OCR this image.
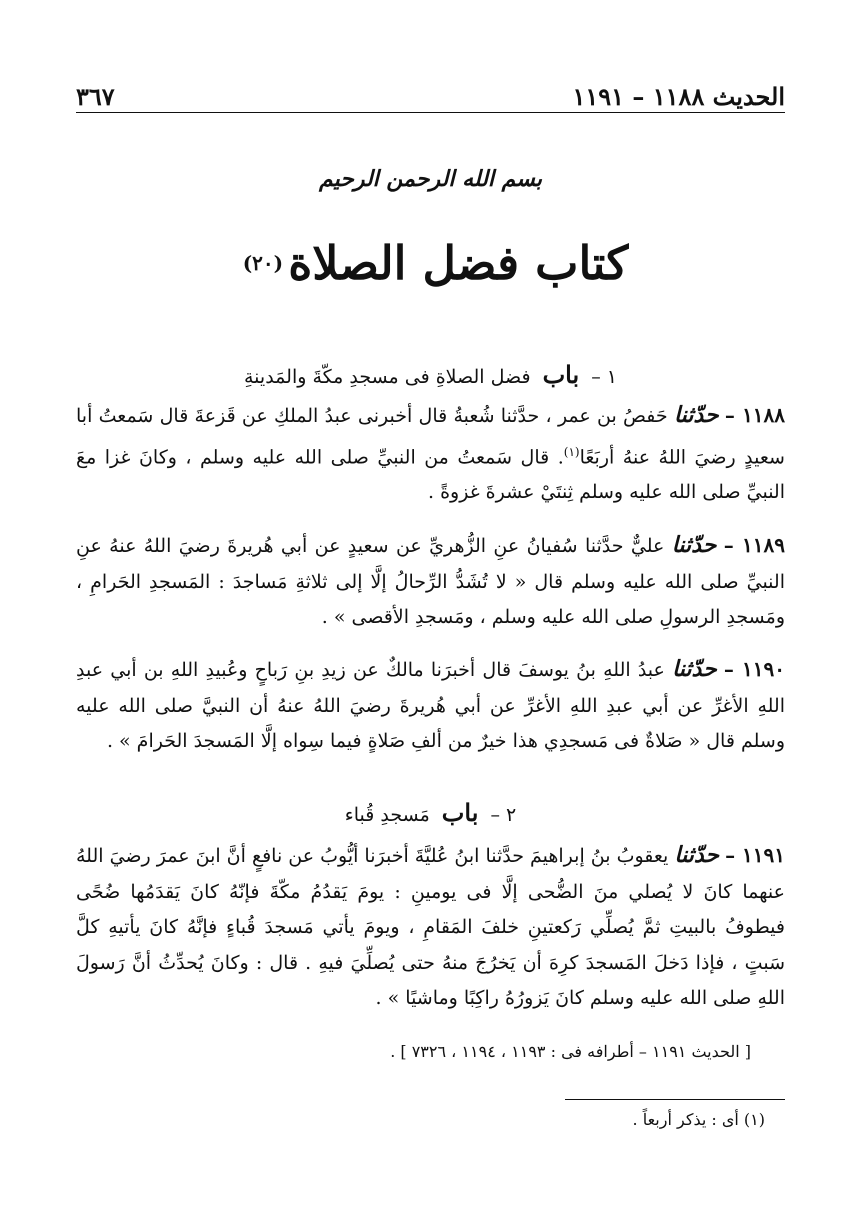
٣٦٧	الحديث ١١٨٨ – ١١٩١
بسم الله الرحمن الرحيم
كتاب فضل الصلاة (٢٠)
١ – باب فضل الصلاةِ فى مسجدِ مكّةَ والمَدينةِ
١١٨٨ – حدّثنا حَفصُ بن عمر ، حدَّثنا شُعبةُ قال أخبرنى عبدُ الملكِ عن قَزعةَ قال سَمعتُ أبا سعيدٍ رضيَ اللهُ عنهُ أربَعًا$^{(١)}$. قال سَمعتُ من النبيِّ صلى الله عليه وسلم ، وكانَ غزا معَ النبيِّ صلى الله عليه وسلم ثِنتَيْ عشرةَ غزوةً .
١١٨٩ – حدّثنا عليٌّ حدَّثنا سُفيانُ عنِ الزُّهريِّ عن سعيدٍ عن أبي هُريرةَ رضيَ اللهُ عنهُ عنِ النبيِّ صلى الله عليه وسلم قال « لا تُشَدُّ الرِّحالُ إلَّا إلى ثلاثةِ مَساجدَ : المَسجدِ الحَرامِ ، ومَسجدِ الرسولِ صلى الله عليه وسلم ، ومَسجدِ الأقصى » .
١١٩٠ – حدّثنا عبدُ اللهِ بنُ يوسفَ قال أخبرَنا مالكٌ عن زيدِ بنِ رَباحٍ وعُبيدِ اللهِ بن أبي عبدِ اللهِ الأغرِّ عن أبي عبدِ اللهِ الأغرِّ عن أبي هُريرةَ رضيَ اللهُ عنهُ أن النبيَّ صلى الله عليه وسلم قال « صَلاةٌ فى مَسجدِي هذا خيرٌ من ألفِ صَلاةٍ فيما سِواه إلَّا المَسجدَ الحَرامَ » .
٢ – باب مَسجدِ قُباء
١١٩١ – حدّثنا يعقوبُ بنُ إبراهيمَ حدَّثنا ابنُ عُليَّةَ أخبرَنا أيُّوبُ عن نافعٍ أنَّ ابنَ عمرَ رضيَ اللهُ عنهما كانَ لا يُصلي منَ الضُّحى إلَّا فى يومينِ : يومَ يَقدُمُ مكّةَ فإنّهُ كانَ يَقدَمُها ضُحًى فيطوفُ بالبيتِ ثمَّ يُصلِّي رَكعتينِ خلفَ المَقامِ ، ويومَ يأتي مَسجدَ قُباءٍ فإنَّهُ كانَ يأتيهِ كلَّ سَبتٍ ، فإذا دَخلَ المَسجدَ كرِهَ أن يَخرُجَ منهُ حتى يُصلِّيَ فيهِ . قال : وكانَ يُحدِّثُ أنَّ رَسولَ اللهِ صلى الله عليه وسلم كانَ يَزورُهُ راكِبًا وماشيًا » .
[ الحديث ١١٩١ – أطرافه فى : ١١٩٣ ، ١١٩٤ ، ٧٣٢٦ ] .
(١) أى : يذكر أربعاً .
